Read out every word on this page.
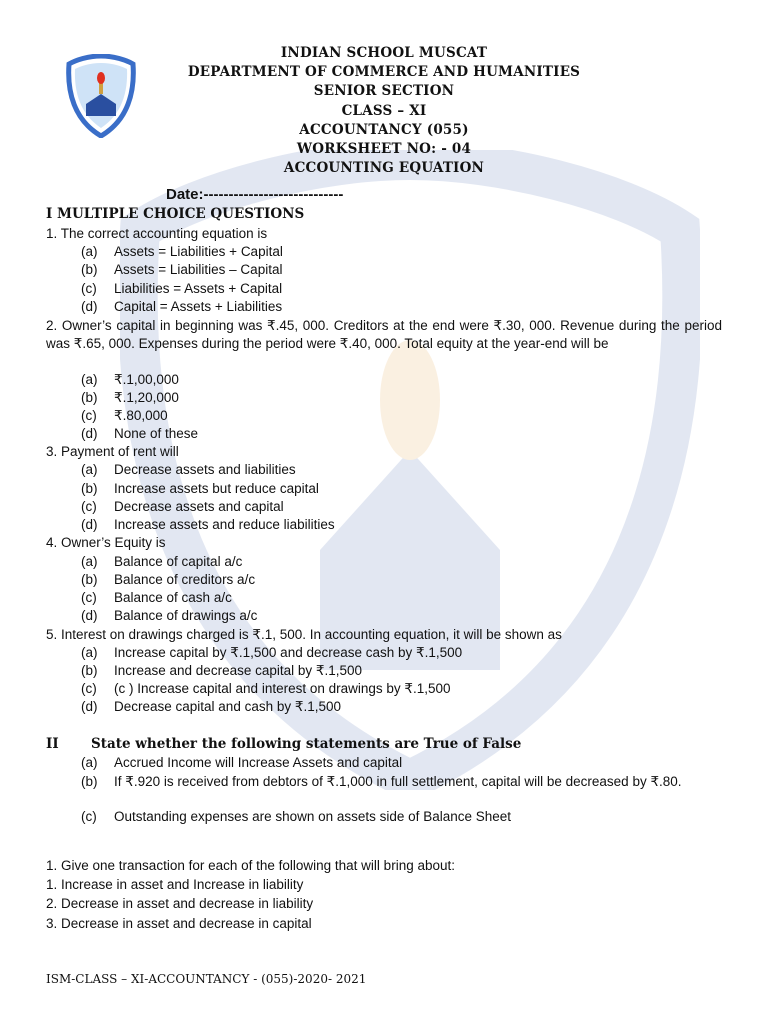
INDIAN SCHOOL MUSCAT
DEPARTMENT OF COMMERCE AND HUMANITIES
SENIOR SECTION
CLASS – XI
ACCOUNTANCY (055)
WORKSHEET NO: - 04
ACCOUNTING EQUATION
Date:----------------------------
I MULTIPLE CHOICE QUESTIONS
1. The correct accounting equation is
(a) Assets = Liabilities + Capital
(b) Assets = Liabilities – Capital
(c) Liabilities = Assets + Capital
(d) Capital = Assets + Liabilities
2. Owner’s capital in beginning was ₹.45, 000. Creditors at the end were ₹.30, 000. Revenue during the period was ₹.65, 000. Expenses during the period were ₹.40, 000. Total equity at the year-end will be
(a) ₹.1,00,000
(b) ₹.1,20,000
(c) ₹.80,000
(d) None of these
3. Payment of rent will
(a) Decrease assets and liabilities
(b) Increase assets but reduce capital
(c) Decrease assets and capital
(d) Increase assets and reduce liabilities
4. Owner’s Equity is
(a) Balance of capital a/c
(b) Balance of creditors a/c
(c) Balance of cash a/c
(d) Balance of drawings a/c
5. Interest on drawings charged is ₹.1, 500. In accounting equation, it will be shown as
(a) Increase capital by ₹.1,500 and decrease cash by ₹.1,500
(b) Increase and decrease capital by ₹.1,500
(c) (c ) Increase capital and interest on drawings by ₹.1,500
(d) Decrease capital and cash by ₹.1,500
II State whether the following statements are True of False
(a) Accrued Income will Increase Assets and capital
(b) If ₹.920 is received from debtors of ₹.1,000 in full settlement, capital will be decreased by ₹.80.
(c) Outstanding expenses are shown on assets side of Balance Sheet
1. Give one transaction for each of the following that will bring about:
1. Increase in asset and Increase in liability
2. Decrease in asset and decrease in liability
3. Decrease in asset and decrease in capital
ISM-CLASS – XI-ACCOUNTANCY - (055)-2020- 2021
